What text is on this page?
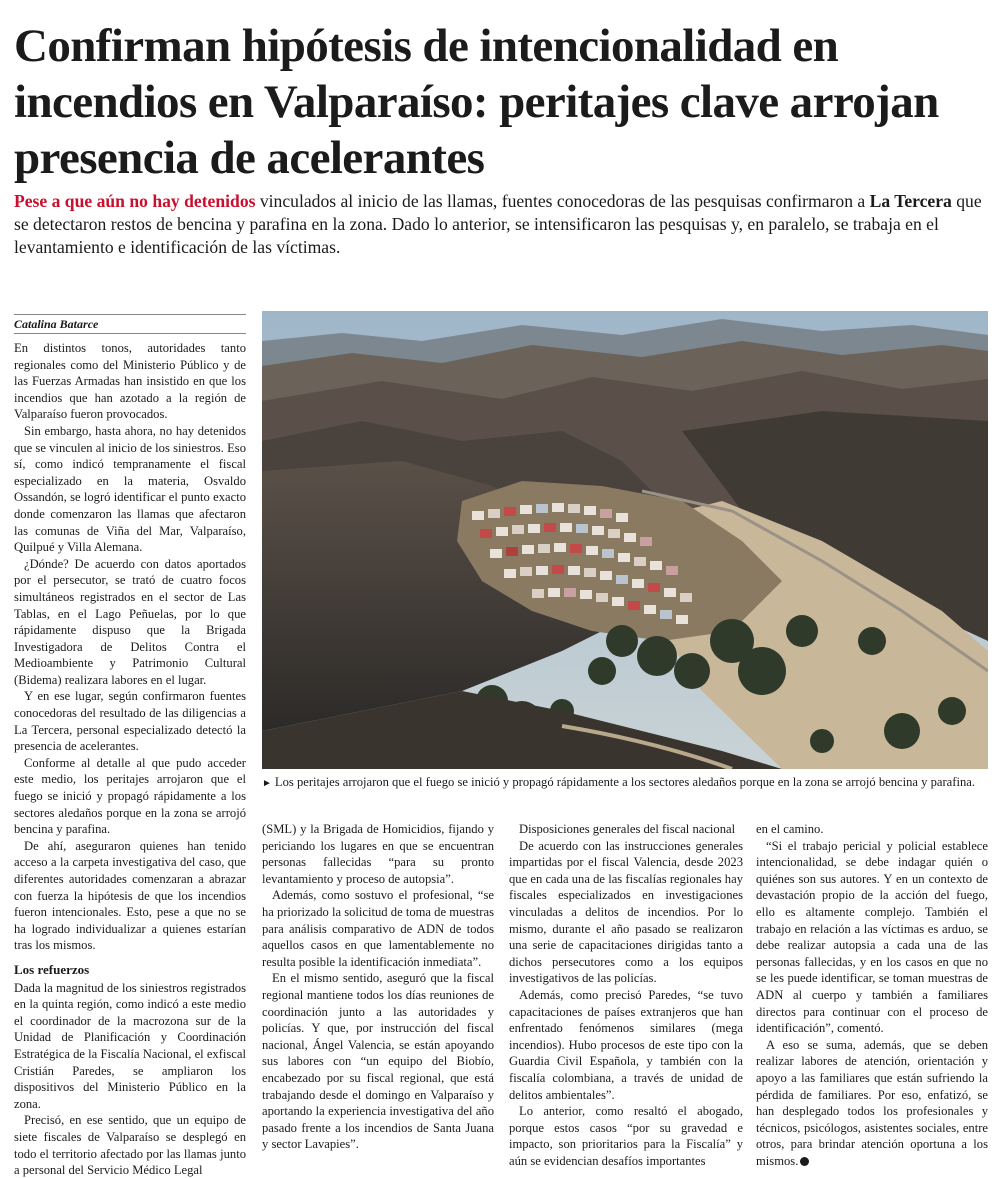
Confirman hipótesis de intencionalidad en incendios en Valparaíso: peritajes clave arrojan presencia de acelerantes
Pese a que aún no hay detenidos vinculados al inicio de las llamas, fuentes conocedoras de las pesquisas confirmaron a La Tercera que se detectaron restos de bencina y parafina en la zona. Dado lo anterior, se intensificaron las pesquisas y, en paralelo, se trabaja en el levantamiento e identificación de las víctimas.
Catalina Batarce

En distintos tonos, autoridades tanto regionales como del Ministerio Público y de las Fuerzas Armadas han insistido en que los incendios que han azotado a la región de Valparaíso fueron provocados.

Sin embargo, hasta ahora, no hay detenidos que se vinculen al inicio de los siniestros. Eso sí, como indicó tempranamente el fiscal especializado en la materia, Osvaldo Ossandón, se logró identificar el punto exacto donde comenzaron las llamas que afectaron las comunas de Viña del Mar, Valparaíso, Quilpué y Villa Alemana.

¿Dónde? De acuerdo con datos aportados por el persecutor, se trató de cuatro focos simultáneos registrados en el sector de Las Tablas, en el Lago Peñuelas, por lo que rápidamente dispuso que la Brigada Investigadora de Delitos Contra el Medioambiente y Patrimonio Cultural (Bidema) realizara labores en el lugar.

Y en ese lugar, según confirmaron fuentes conocedoras del resultado de las diligencias a La Tercera, personal especializado detectó la presencia de acelerantes.

Conforme al detalle al que pudo acceder este medio, los peritajes arrojaron que el fuego se inició y propagó rápidamente a los sectores aledaños porque en la zona se arrojó bencina y parafina.

De ahí, aseguraron quienes han tenido acceso a la carpeta investigativa del caso, que diferentes autoridades comenzaran a abrazar con fuerza la hipótesis de que los incendios fueron intencionales. Esto, pese a que no se ha logrado individualizar a quienes estarían tras los mismos.

Los refuerzos

Dada la magnitud de los siniestros registrados en la quinta región, como indicó a este medio el coordinador de la macrozona sur de la Unidad de Planificación y Coordinación Estratégica de la Fiscalía Nacional, el exfiscal Cristián Paredes, se ampliaron los dispositivos del Ministerio Público en la zona.

Precisó, en ese sentido, que un equipo de siete fiscales de Valparaíso se desplegó en todo el territorio afectado por las llamas junto a personal del Servicio Médico Legal

► Los peritajes arrojaron que el fuego se inició y propagó rápidamente a los sectores aledaños porque en la zona se arrojó bencina y parafina.

(SML) y la Brigada de Homicidios, fijando y periciando los lugares en que se encuentran personas fallecidas “para su pronto levantamiento y proceso de autopsia”.

Además, como sostuvo el profesional, “se ha priorizado la solicitud de toma de muestras para análisis comparativo de ADN de todos aquellos casos en que lamentablemente no resulta posible la identificación inmediata”.

En el mismo sentido, aseguró que la fiscal regional mantiene todos los días reuniones de coordinación junto a las autoridades y policías. Y que, por instrucción del fiscal nacional, Ángel Valencia, se están apoyando sus labores con “un equipo del Biobío, encabezado por su fiscal regional, que está trabajando desde el domingo en Valparaíso y aportando la experiencia investigativa del año pasado frente a los incendios de Santa Juana y sector Lavapies”.

Disposiciones generales del fiscal nacional

De acuerdo con las instrucciones generales impartidas por el fiscal Valencia, desde 2023 que en cada una de las fiscalías regionales hay fiscales especializados en investigaciones vinculadas a delitos de incendios. Por lo mismo, durante el año pasado se realizaron una serie de capacitaciones dirigidas tanto a dichos persecutores como a los equipos investigativos de las policías.

Además, como precisó Paredes, “se tuvo capacitaciones de países extranjeros que han enfrentado fenómenos similares (mega incendios). Hubo procesos de este tipo con la Guardia Civil Española, y también con la fiscalía colombiana, a través de unidad de delitos ambientales”.

Lo anterior, como resaltó el abogado, porque estos casos “por su gravedad e impacto, son prioritarios para la Fiscalía” y aún se evidencian desafíos importantes

en el camino.

“Si el trabajo pericial y policial establece intencionalidad, se debe indagar quién o quiénes son sus autores. Y en un contexto de devastación propio de la acción del fuego, ello es altamente complejo. También el trabajo en relación a las víctimas es arduo, se debe realizar autopsia a cada una de las personas fallecidas, y en los casos en que no se les puede identificar, se toman muestras de ADN al cuerpo y también a familiares directos para continuar con el proceso de identificación”, comentó.

A eso se suma, además, que se deben realizar labores de atención, orientación y apoyo a las familiares que están sufriendo la pérdida de familiares. Por eso, enfatizó, se han desplegado todos los profesionales y técnicos, psicólogos, asistentes sociales, entre otros, para brindar atención oportuna a los mismos.
